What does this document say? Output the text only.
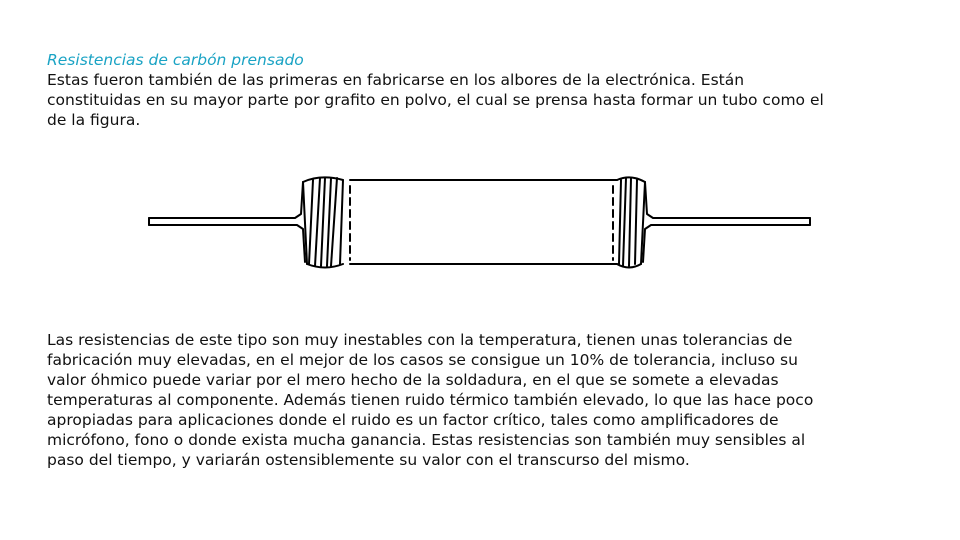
Resistencias de carbón prensado
Estas fueron también de las primeras en fabricarse en los albores de la electrónica. Están
constituidas en su mayor parte por grafito en polvo, el cual se prensa hasta formar un tubo como el
de la figura.
Las resistencias de este tipo son muy inestables con la temperatura, tienen unas tolerancias de
fabricación muy elevadas, en el mejor de los casos se consigue un 10% de tolerancia, incluso su
valor óhmico puede variar por el mero hecho de la soldadura, en el que se somete a elevadas
temperaturas al componente. Además tienen ruido térmico también elevado, lo que las hace poco
apropiadas para aplicaciones donde el ruido es un factor crítico, tales como amplificadores de
micrófono, fono o donde exista mucha ganancia. Estas resistencias son también muy sensibles al
paso del tiempo, y variarán ostensiblemente su valor con el transcurso del mismo.
